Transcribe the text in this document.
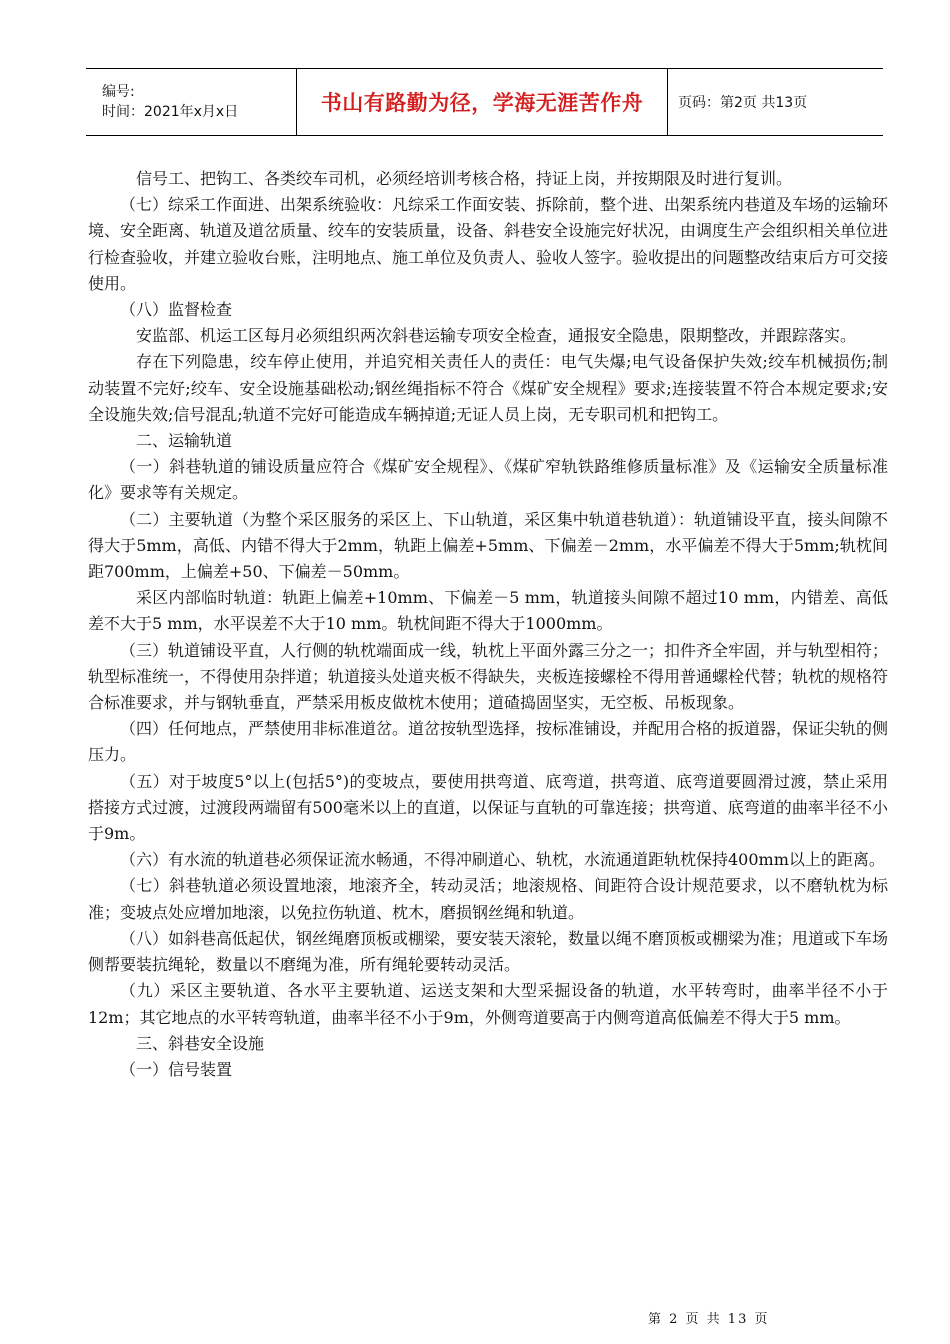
编号:
时间：2021年x月x日	书山有路勤为径，学海无涯苦作舟 页码：第2页 共13页

信号工、把钩工、各类绞车司机，必须经培训考核合格，持证上岗，并按期限及时进行复训。

（七）综采工作面进、出架系统验收：凡综采工作面安装、拆除前，整个进、出架系统内巷道及车场的运输环境、安全距离、轨道及道岔质量、绞车的安装质量，设备、斜巷安全设施完好状况，由调度生产会组织相关单位进行检查验收，并建立验收台账，注明地点、施工单位及负责人、验收人签字。验收提出的问题整改结束后方可交接使用。

（八）监督检查

安监部、机运工区每月必须组织两次斜巷运输专项安全检查，通报安全隐患，限期整改，并跟踪落实。

存在下列隐患，绞车停止使用，并追究相关责任人的责任：电气失爆;电气设备保护失效;绞车机械损伤;制动装置不完好;绞车、安全设施基础松动;钢丝绳指标不符合《煤矿安全规程》要求;连接装置不符合本规定要求;安全设施失效;信号混乱;轨道不完好可能造成车辆掉道;无证人员上岗，无专职司机和把钩工。

二、运输轨道

（一）斜巷轨道的铺设质量应符合《煤矿安全规程》、《煤矿窄轨铁路维修质量标准》及《运输安全质量标准化》要求等有关规定。

（二）主要轨道（为整个采区服务的采区上、下山轨道，采区集中轨道巷轨道）：轨道铺设平直，接头间隙不得大于5mm，高低、内错不得大于2mm，轨距上偏差+5mm、下偏差－2mm，水平偏差不得大于5mm;轨枕间距700mm，上偏差+50、下偏差－50mm。

采区内部临时轨道：轨距上偏差+10mm、下偏差－5 mm，轨道接头间隙不超过10 mm，内错差、高低差不大于5 mm，水平误差不大于10 mm。轨枕间距不得大于1000mm。

（三）轨道铺设平直，人行侧的轨枕端面成一线，轨枕上平面外露三分之一；扣件齐全牢固，并与轨型相符；轨型标准统一，不得使用杂拌道；轨道接头处道夹板不得缺失，夹板连接螺栓不得用普通螺栓代替；轨枕的规格符合标准要求，并与钢轨垂直，严禁采用板皮做枕木使用；道碴捣固坚实，无空板、吊板现象。

（四）任何地点，严禁使用非标准道岔。道岔按轨型选择，按标准铺设，并配用合格的扳道器，保证尖轨的侧压力。

（五）对于坡度5°以上(包括5°)的变坡点，要使用拱弯道、底弯道，拱弯道、底弯道要圆滑过渡，禁止采用搭接方式过渡，过渡段两端留有500毫米以上的直道，以保证与直轨的可靠连接；拱弯道、底弯道的曲率半径不小于9m。

（六）有水流的轨道巷必须保证流水畅通，不得冲刷道心、轨枕，水流通道距轨枕保持400mm以上的距离。

（七）斜巷轨道必须设置地滚，地滚齐全，转动灵活；地滚规格、间距符合设计规范要求，以不磨轨枕为标准；变坡点处应增加地滚，以免拉伤轨道、枕木，磨损钢丝绳和轨道。

（八）如斜巷高低起伏，钢丝绳磨顶板或棚梁，要安装天滚轮，数量以绳不磨顶板或棚梁为准；甩道或下车场侧帮要装抗绳轮，数量以不磨绳为准，所有绳轮要转动灵活。

（九）采区主要轨道、各水平主要轨道、运送支架和大型采掘设备的轨道，水平转弯时，曲率半径不小于12m；其它地点的水平转弯轨道，曲率半径不小于9m，外侧弯道要高于内侧弯道高低偏差不得大于5 mm。

三、斜巷安全设施

（一）信号装置

第 2 页 共 13 页
